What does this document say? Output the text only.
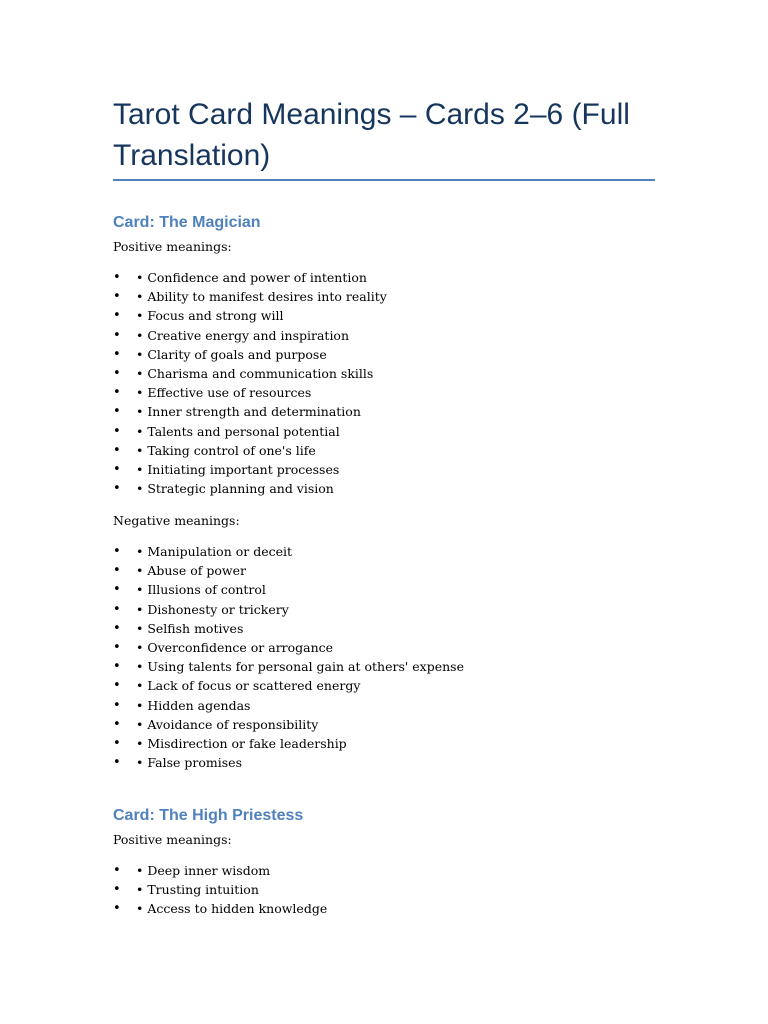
Tarot Card Meanings – Cards 2–6 (Full Translation)
Card: The Magician

Positive meanings:

• • Confidence and power of intention
• • Ability to manifest desires into reality
• • Focus and strong will
• • Creative energy and inspiration
• • Clarity of goals and purpose
• • Charisma and communication skills
• • Effective use of resources
• • Inner strength and determination
• • Talents and personal potential
• • Taking control of one's life
• • Initiating important processes
• • Strategic planning and vision

Negative meanings:

• • Manipulation or deceit
• • Abuse of power
• • Illusions of control
• • Dishonesty or trickery
• • Selfish motives
• • Overconfidence or arrogance
• • Using talents for personal gain at others' expense
• • Lack of focus or scattered energy
• • Hidden agendas
• • Avoidance of responsibility
• • Misdirection or fake leadership
• • False promises
Card: The High Priestess

Positive meanings:

• • Deep inner wisdom
• • Trusting intuition
• • Access to hidden knowledge
